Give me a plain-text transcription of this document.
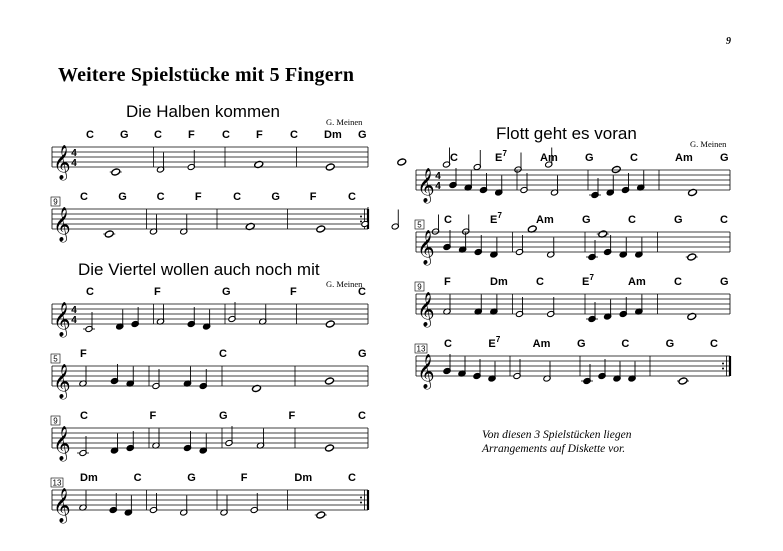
9
Weitere Spielstücke mit 5 Fingern
Die Halben kommen
G. Meinen
Die Viertel wollen auch noch mit
G. Meinen
Flott geht es voran
G. Meinen
𝄞 4
4
C G C F C F C Dm G
𝄞
9 C	G	C	F	C	G	F	C
𝄞 4
4
C	F	G	F	C
𝄞
5 F	C	G
𝄞
9 C	F	G	F	C
𝄞
13 Dm	C	G	F	Dm	C
𝄞 4
4
C	E 7	Am G	C	Am G
𝄞
5 C	E 7	Am	G	C	G	C
𝄞
9 F	Dm	C	E 7	Am	C	G
𝄞
13 C	E 7	Am G	C	G	C
Von diesen 3 Spielstücken liegen
Arrangements auf Diskette vor.
